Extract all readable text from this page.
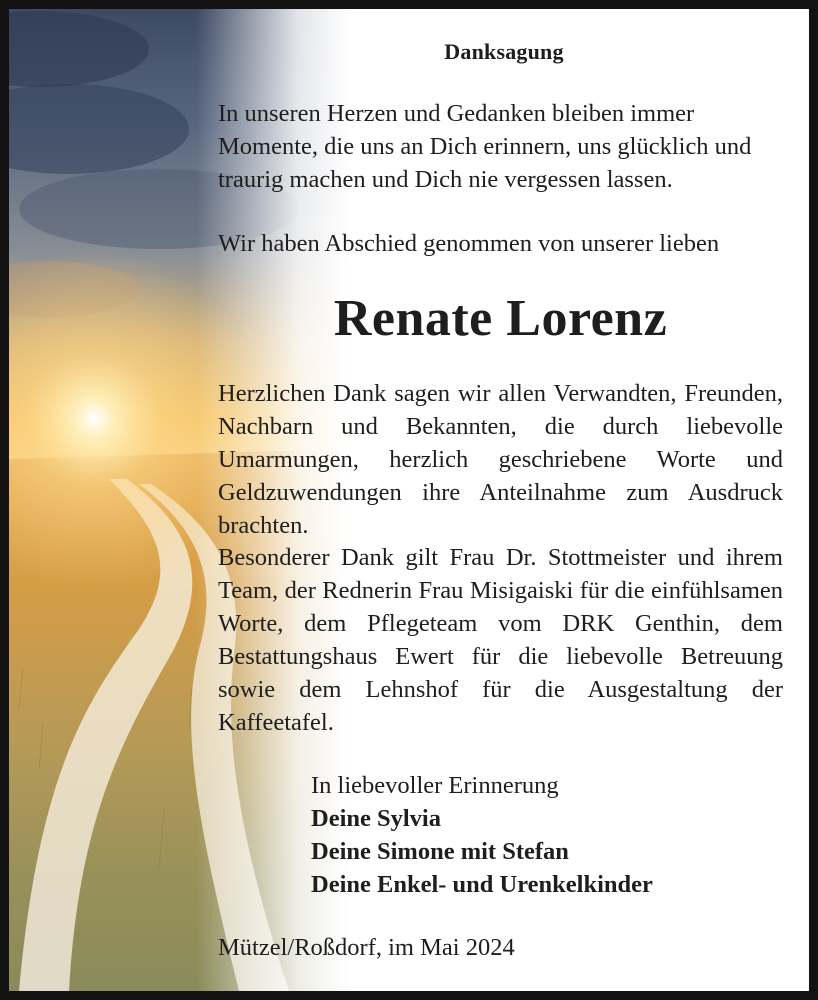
Danksagung

In unseren Herzen und Gedanken bleiben immer Momente, die uns an Dich erinnern, uns glücklich und traurig machen und Dich nie vergessen lassen.

Wir haben Abschied genommen von unserer lieben

Renate Lorenz

Herzlichen Dank sagen wir allen Verwandten, Freunden, Nachbarn und Bekannten, die durch liebevolle Umarmungen, herzlich geschriebene Worte und Geldzuwendungen ihre Anteilnahme zum Ausdruck brachten.

Besonderer Dank gilt Frau Dr. Stottmeister und ihrem Team, der Rednerin Frau Misigaiski für die einfühlsamen Worte, dem Pflegeteam vom DRK Genthin, dem Bestattungshaus Ewert für die liebevolle Betreuung sowie dem Lehnshof für die Ausgestaltung der Kaffeetafel.

In liebevoller Erinnerung
Deine Sylvia
Deine Simone mit Stefan
Deine Enkel- und Urenkelkinder
Mützel/Roßdorf, im Mai 2024
